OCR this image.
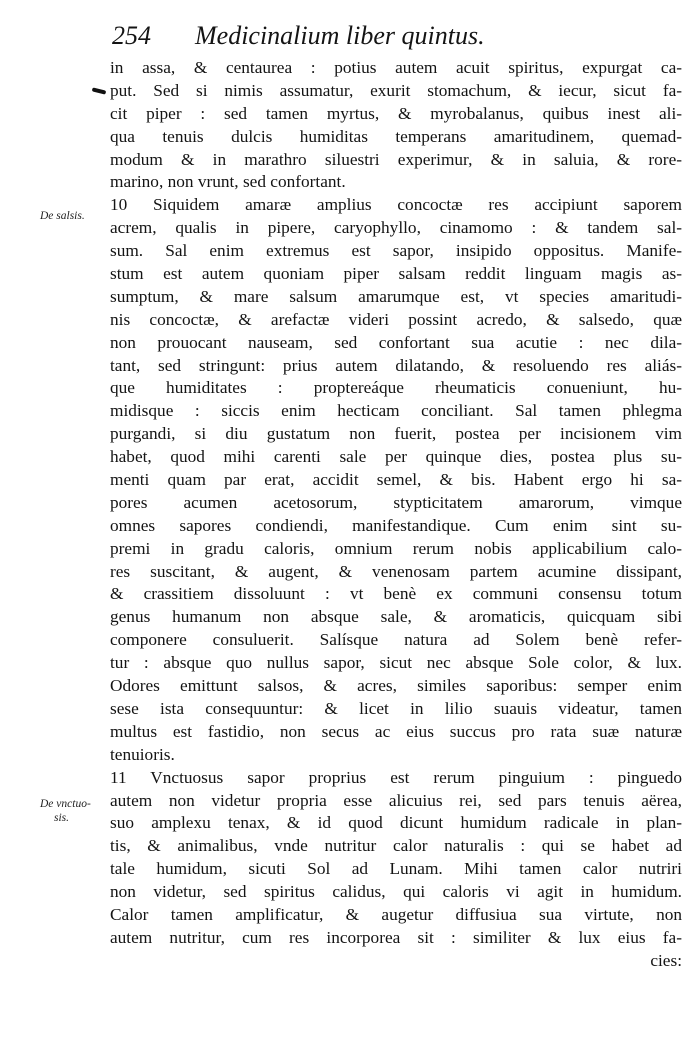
254 Medicinalium liber quintus.
De salsis.
De vnctuo-
sis.
in assa, & centaurea : potius autem acuit spiritus, expurgat ca-
put. Sed si nimis assumatur, exurit stomachum, & iecur, sicut fa-
cit piper : sed tamen myrtus, & myrobalanus, quibus inest ali-
qua tenuis dulcis humiditas temperans amaritudinem, quemad-
modum & in marathro siluestri experimur, & in saluia, & rore-
marino, non vrunt, sed confortant.
10 Siquidem amaræ amplius concoctæ res accipiunt saporem
acrem, qualis in pipere, caryophyllo, cinamomo : & tandem sal-
sum. Sal enim extremus est sapor, insipido oppositus. Manife-
stum est autem quoniam piper salsam reddit linguam magis as-
sumptum, & mare salsum amarumque est, vt species amaritudi-
nis concoctæ, & arefactæ videri possint acredo, & salsedo, quæ
non prouocant nauseam, sed confortant sua acutie : nec dila-
tant, sed stringunt: prius autem dilatando, & resoluendo res aliás-
que humiditates : proptereáque rheumaticis conueniunt, hu-
midisque : siccis enim hecticam conciliant. Sal tamen phlegma
purgandi, si diu gustatum non fuerit, postea per incisionem vim
habet, quod mihi carenti sale per quinque dies, postea plus su-
menti quam par erat, accidit semel, & bis. Habent ergo hi sa-
pores acumen acetosorum, stypticitatem amarorum, vimque
omnes sapores condiendi, manifestandique. Cum enim sint su-
premi in gradu caloris, omnium rerum nobis applicabilium calo-
res suscitant, & augent, & venenosam partem acumine dissipant,
& crassitiem dissoluunt : vt benè ex communi consensu totum
genus humanum non absque sale, & aromaticis, quicquam sibi
componere consuluerit. Salísque natura ad Solem benè refer-
tur : absque quo nullus sapor, sicut nec absque Sole color, & lux.
Odores emittunt salsos, & acres, similes saporibus: semper enim
sese ista consequuntur: & licet in lilio suauis videatur, tamen
multus est fastidio, non secus ac eius succus pro rata suæ naturæ
tenuioris.
11 Vnctuosus sapor proprius est rerum pinguium : pinguedo
autem non videtur propria esse alicuius rei, sed pars tenuis aërea,
suo amplexu tenax, & id quod dicunt humidum radicale in plan-
tis, & animalibus, vnde nutritur calor naturalis : qui se habet ad
tale humidum, sicuti Sol ad Lunam. Mihi tamen calor nutriri
non videtur, sed spiritus calidus, qui caloris vi agit in humidum.
Calor tamen amplificatur, & augetur diffusiua sua virtute, non
autem nutritur, cum res incorporea sit : similiter & lux eius fa-
cies:
